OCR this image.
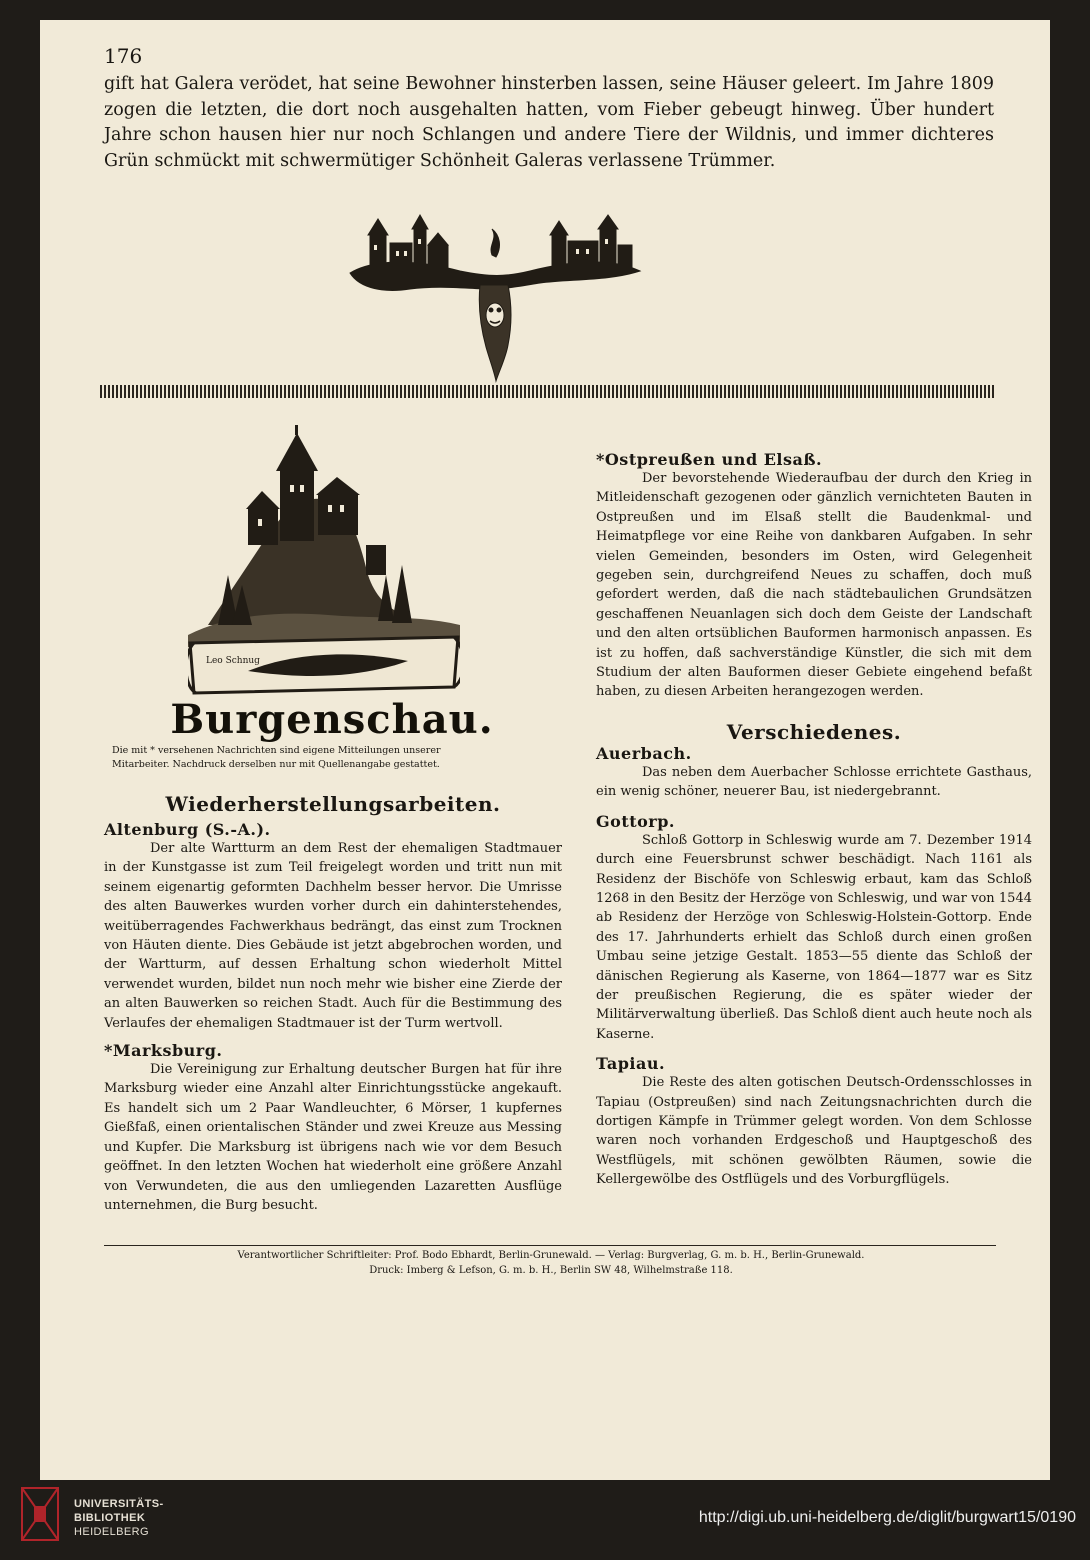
176

gift hat Galera verödet, hat seine Bewohner hinsterben lassen, seine Häuser geleert. Im Jahre 1809 zogen die letzten, die dort noch ausgehalten hatten, vom Fieber gebeugt hinweg. Über hundert Jahre schon hausen hier nur noch Schlangen und andere Tiere der Wildnis, und immer dichteres Grün schmückt mit schwermütiger Schönheit Galeras verlassene Trümmer.

Leo Schnug
Burgenschau.
Die mit * versehenen Nachrichten sind eigene Mitteilungen unserer
Mitarbeiter. Nachdruck derselben nur mit Quellenangabe gestattet.
Wiederherstellungsarbeiten.
Altenburg (S.-A.).

Der alte Wartturm an dem Rest der ehemaligen Stadtmauer in der Kunstgasse ist zum Teil freigelegt worden und tritt nun mit seinem eigenartig geformten Dachhelm besser hervor. Die Umrisse des alten Bauwerkes wurden vorher durch ein dahinterstehendes, weitüberragendes Fachwerkhaus bedrängt, das einst zum Trocknen von Häuten diente. Dies Gebäude ist jetzt abgebrochen worden, und der Wartturm, auf dessen Erhaltung schon wiederholt Mittel verwendet wurden, bildet nun noch mehr wie bisher eine Zierde der an alten Bauwerken so reichen Stadt. Auch für die Bestimmung des Verlaufes der ehemaligen Stadtmauer ist der Turm wertvoll.

*Marksburg.

Die Vereinigung zur Erhaltung deutscher Burgen hat für ihre Marksburg wieder eine Anzahl alter Einrichtungsstücke angekauft. Es handelt sich um 2 Paar Wandleuchter, 6 Mörser, 1 kupfernes Gießfaß, einen orientalischen Ständer und zwei Kreuze aus Messing und Kupfer. Die Marksburg ist übrigens nach wie vor dem Besuch geöffnet. In den letzten Wochen hat wiederholt eine größere Anzahl von Verwundeten, die aus den umliegenden Lazaretten Ausflüge unternehmen, die Burg besucht.

*Ostpreußen und Elsaß.

Der bevorstehende Wiederaufbau der durch den Krieg in Mitleidenschaft gezogenen oder gänzlich vernichteten Bauten in Ostpreußen und im Elsaß stellt die Baudenkmal- und Heimatpflege vor eine Reihe von dankbaren Aufgaben. In sehr vielen Gemeinden, besonders im Osten, wird Gelegenheit gegeben sein, durchgreifend Neues zu schaffen, doch muß gefordert werden, daß die nach städtebaulichen Grundsätzen geschaffenen Neuanlagen sich doch dem Geiste der Landschaft und den alten ortsüblichen Bauformen harmonisch anpassen. Es ist zu hoffen, daß sachverständige Künstler, die sich mit dem Studium der alten Bauformen dieser Gebiete eingehend befaßt haben, zu diesen Arbeiten herangezogen werden.

Verschiedenes.
Auerbach.

Das neben dem Auerbacher Schlosse errichtete Gasthaus, ein wenig schöner, neuerer Bau, ist niedergebrannt.

Gottorp.

Schloß Gottorp in Schleswig wurde am 7. Dezember 1914 durch eine Feuersbrunst schwer beschädigt. Nach 1161 als Residenz der Bischöfe von Schleswig erbaut, kam das Schloß 1268 in den Besitz der Herzöge von Schleswig, und war von 1544 ab Residenz der Herzöge von Schleswig-Holstein-Gottorp. Ende des 17. Jahrhunderts erhielt das Schloß durch einen großen Umbau seine jetzige Gestalt. 1853—55 diente das Schloß der dänischen Regierung als Kaserne, von 1864—1877 war es Sitz der preußischen Regierung, die es später wieder der Militärverwaltung überließ. Das Schloß dient auch heute noch als Kaserne.

Tapiau.

Die Reste des alten gotischen Deutsch-Ordensschlosses in Tapiau (Ostpreußen) sind nach Zeitungsnachrichten durch die dortigen Kämpfe in Trümmer gelegt worden. Von dem Schlosse waren noch vorhanden Erdgeschoß und Hauptgeschoß des Westflügels, mit schönen gewölbten Räumen, sowie die Kellergewölbe des Ostflügels und des Vorburgflügels.

Verantwortlicher Schriftleiter: Prof. Bodo Ebhardt, Berlin-Grunewald. — Verlag: Burgverlag, G. m. b. H., Berlin-Grunewald.
Druck: Imberg & Lefson, G. m. b. H., Berlin SW 48, Wilhelmstraße 118.
UNIVERSITÄTS-
BIBLIOTHEK
HEIDELBERG
http://digi.ub.uni-heidelberg.de/diglit/burgwart15/0190
